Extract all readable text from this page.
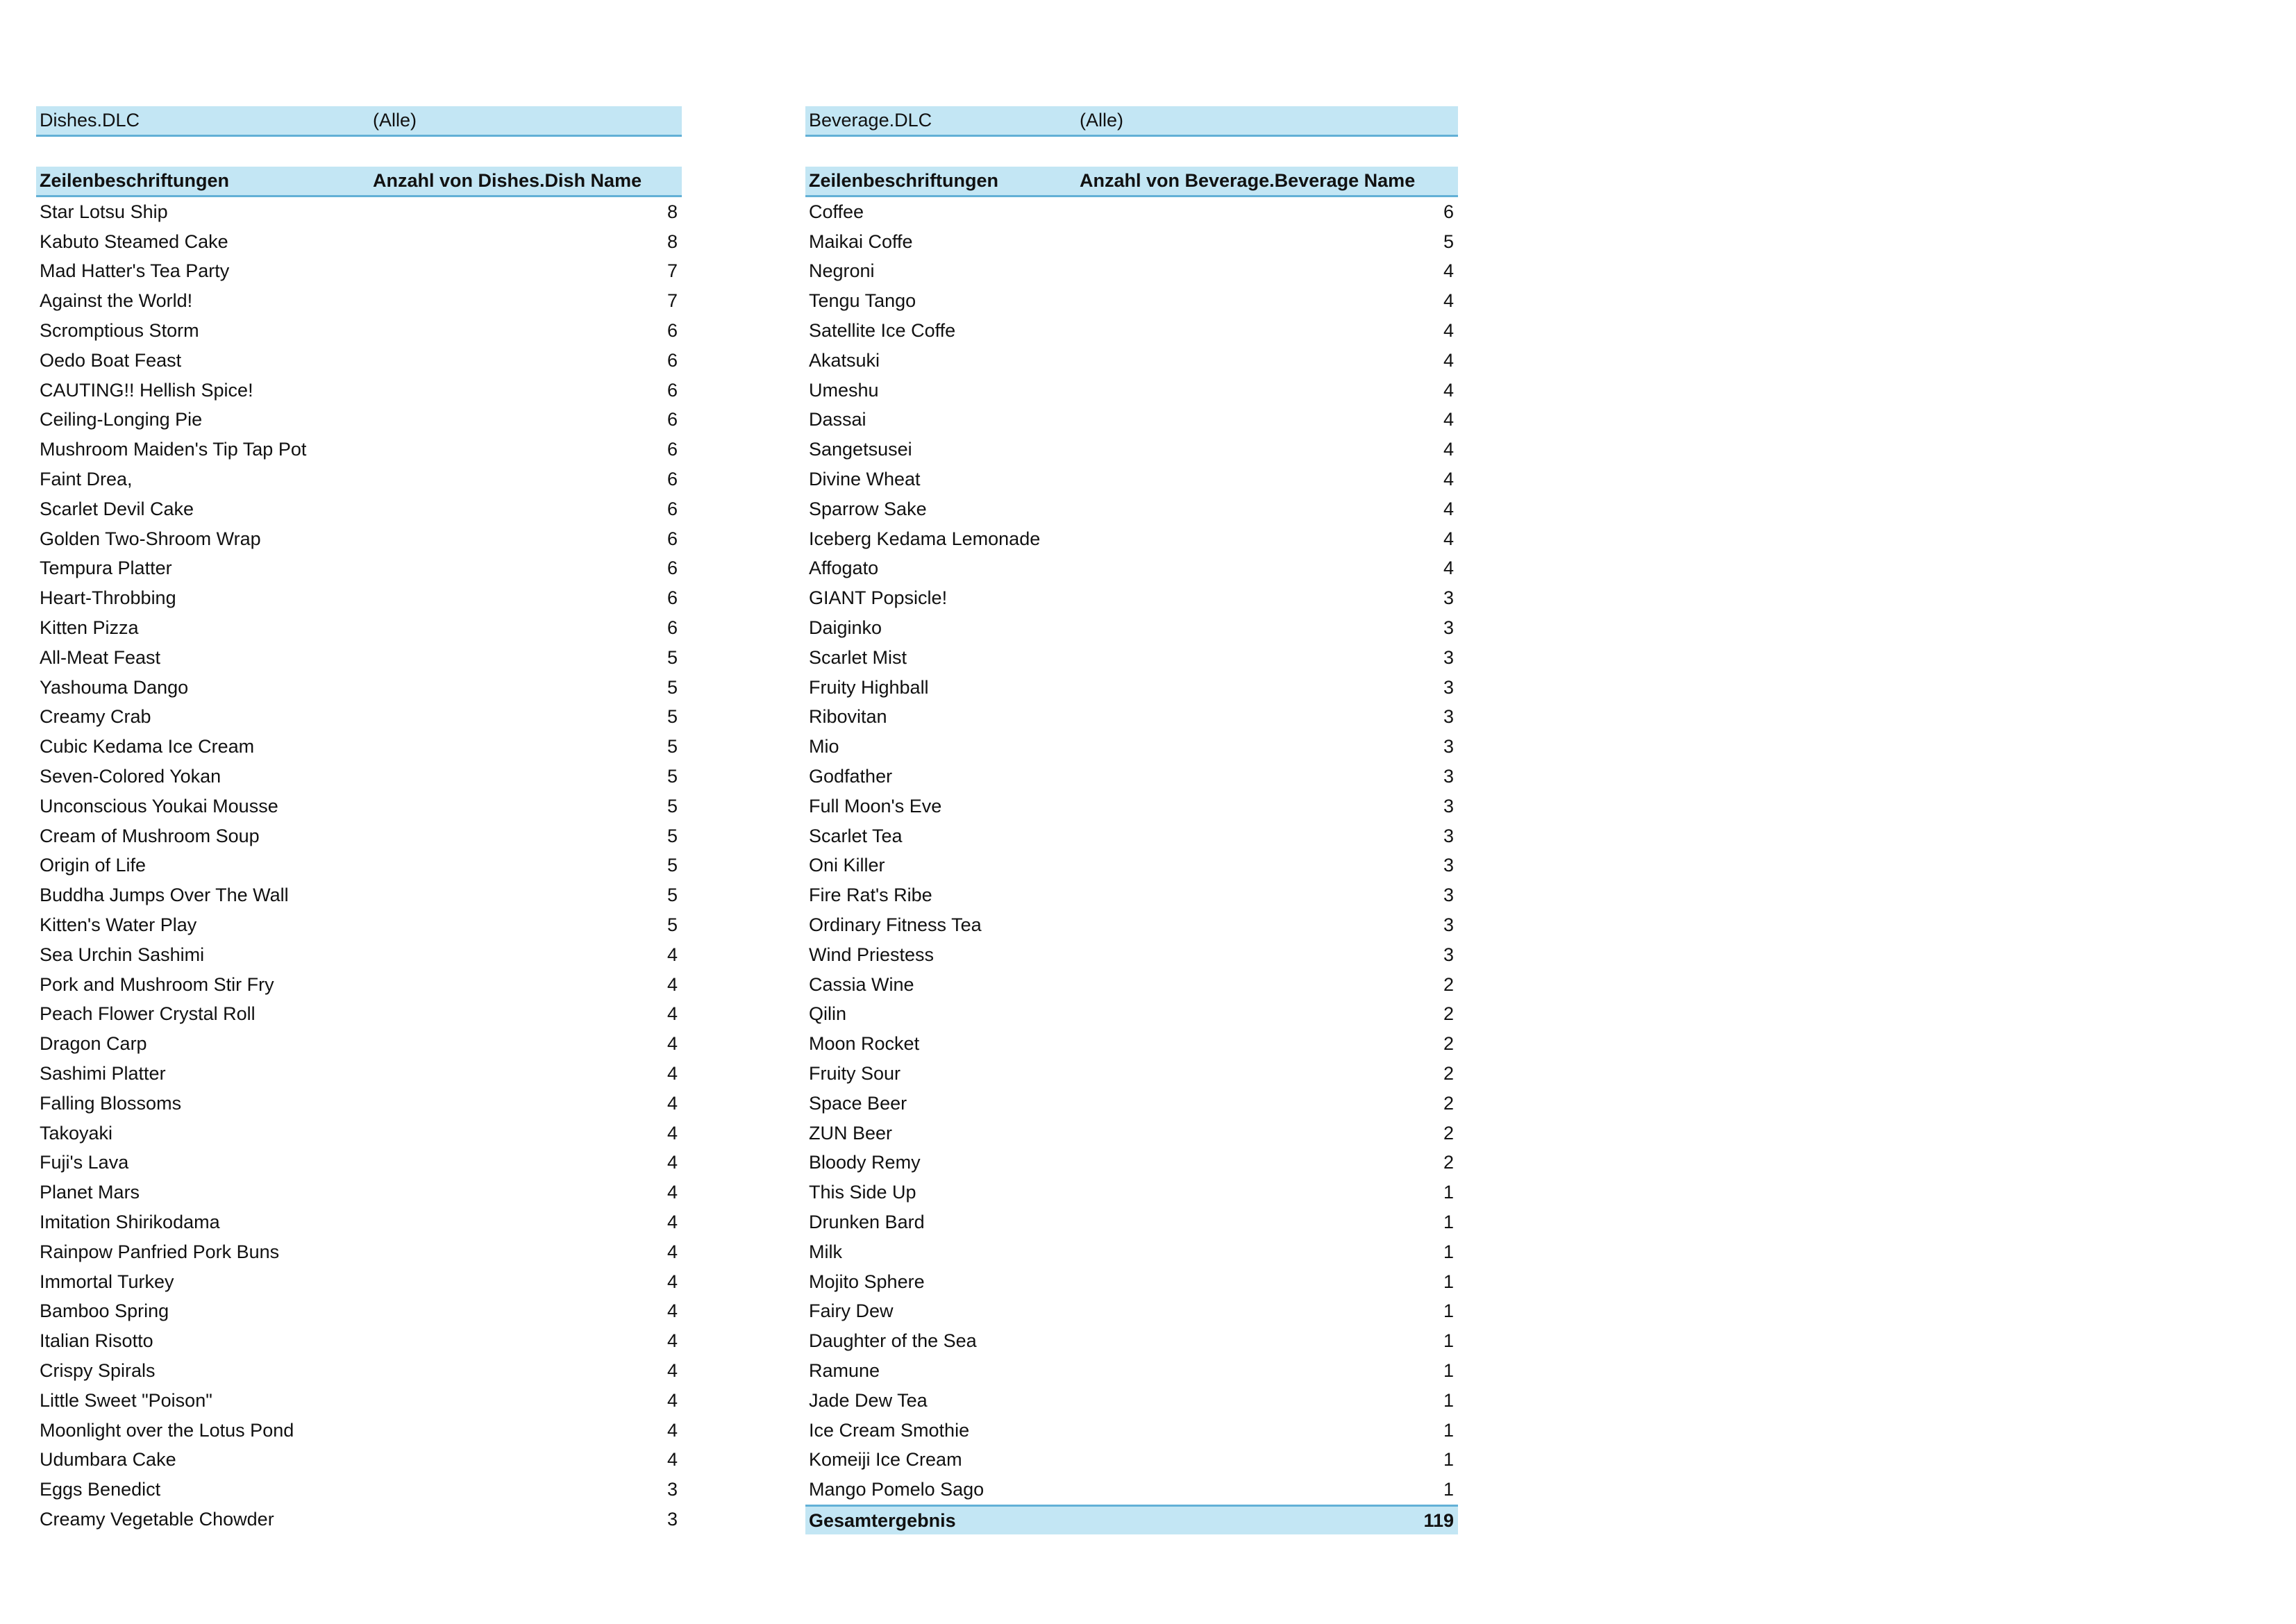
Dishes.DLC	(Alle)
Zeilenbeschriftungen	Anzahl von Dishes.Dish Name
Star Lotsu Ship	8
Kabuto Steamed Cake	8
Mad Hatter's Tea Party	7
Against the World!	7
Scromptious Storm	6
Oedo Boat Feast	6
CAUTING!! Hellish Spice!	6
Ceiling-Longing Pie	6
Mushroom Maiden's Tip Tap Pot	6
Faint Drea,	6
Scarlet Devil Cake	6
Golden Two-Shroom Wrap	6
Tempura Platter	6
Heart-Throbbing	6
Kitten Pizza	6
All-Meat Feast	5
Yashouma Dango	5
Creamy Crab	5
Cubic Kedama Ice Cream	5
Seven-Colored Yokan	5
Unconscious Youkai Mousse	5
Cream of Mushroom Soup	5
Origin of Life	5
Buddha Jumps Over The Wall	5
Kitten's Water Play	5
Sea Urchin Sashimi	4
Pork and Mushroom Stir Fry	4
Peach Flower Crystal Roll	4
Dragon Carp	4
Sashimi Platter	4
Falling Blossoms	4
Takoyaki	4
Fuji's Lava	4
Planet Mars	4
Imitation Shirikodama	4
Rainpow Panfried Pork Buns	4
Immortal Turkey	4
Bamboo Spring	4
Italian Risotto	4
Crispy Spirals	4
Little Sweet "Poison"	4
Moonlight over the Lotus Pond	4
Udumbara Cake	4
Eggs Benedict	3
Creamy Vegetable Chowder	3
Beverage.DLC	(Alle)
Zeilenbeschriftungen	Anzahl von Beverage.Beverage Name
Coffee	6
Maikai Coffe	5
Negroni	4
Tengu Tango	4
Satellite Ice Coffe	4
Akatsuki	4
Umeshu	4
Dassai	4
Sangetsusei	4
Divine Wheat	4
Sparrow Sake	4
Iceberg Kedama Lemonade	4
Affogato	4
GIANT Popsicle!	3
Daiginko	3
Scarlet Mist	3
Fruity Highball	3
Ribovitan	3
Mio	3
Godfather	3
Full Moon's Eve	3
Scarlet Tea	3
Oni Killer	3
Fire Rat's Ribe	3
Ordinary Fitness Tea	3
Wind Priestess	3
Cassia Wine	2
Qilin	2
Moon Rocket	2
Fruity Sour	2
Space Beer	2
ZUN Beer	2
Bloody Remy	2
This Side Up	1
Drunken Bard	1
Milk	1
Mojito Sphere	1
Fairy Dew	1
Daughter of the Sea	1
Ramune	1
Jade Dew Tea	1
Ice Cream Smothie	1
Komeiji Ice Cream	1
Mango Pomelo Sago	1
Gesamtergebnis	119
